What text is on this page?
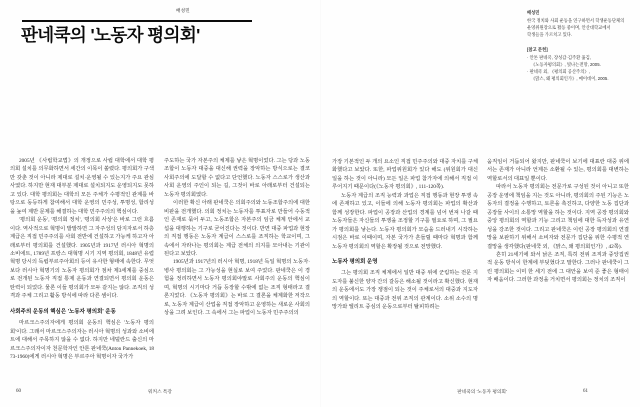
배성민
판네쿡의 '노동자 평의회'

2005년 《사립학교법》의 개정으로 사립 대학에서 대학 평의회 설치를 의무화하면서 세간의 이목이 쏠렸다. 평의회가 구색만 갖춘 것이 아니라 제대로 설치·운영될 수 있는지가 주요 관심사였다. 하지만 현재 대부분 제대로 설치되지도 운영되지도 못하고 있다. 대학 평의회는 대학의 모든 주체가 수평적인 관계를 바탕으로 동등하게 참여해서 대학 운영의 민주성, 투명성, 합리성을 높여 제반 문제를 해결하는 대학 민주주의의 핵심이다.

'평의회 운동', '평의회 정치', '평의회 사상'은 바로 그런 흐름이다. 역사적으로 혁명이 발발하면 그 자주성의 담지자로서 하층 계급은 직접 민주주의를 사회 전반에 건설하고 가능케 하고자 아래로부터 평의회를 건설했다. 1905년과 1917년 러시아 혁명의 소비에트, 1789년 프랑스 대혁명 시기 지역 평의회, 1848년 유럽 혁명 당시의 독립부르주아회의 등이 유사한 형태에 속한다. 무엇보다 러시아 혁명기의 노동자 평의회가 점차 제3세계를 중심으로 전개된 노동자 직접 통제 운동과 연결되면서 평의회 운동은 탄력이 되었다. 물론 이들 평의회가 모두 같지는 않다. 조직의 성격과 주체 그리고 활동 방식에 따라 다른 셈이다.

사회주의 운동의 핵심은 '노동자 평의회' 운동

마르크스주의자에게 평의회 운동의 핵심은 '노동자 평의회'이다. 그래서 마르크스주의자는 러시아 혁명의 성과와 소비에트에 대해서 주목하지 않을 수 없다. 하지만 네덜란드 출신의 마르크스주의자이자 천문학자인 안톤 판네쿡(Anton Pannekoek, 1873-1960)에게 러시아 혁명은 부르주아 혁명이자 국가가

주도하는 국가 자본주의 체제를 낳은 혁명이었다. 그는 당과 노동조합이 노동자 대중을 대신해 권력을 장악하는 방식으로는 결코 사회주의에 도달할 수 없다고 단언했다. 노동자 스스로가 생산과 사회 운영의 주인이 되는 길, 그것이 바로 아래로부터 건설되는 노동자 평의회였다.

이러한 확신 아래 판네쿡은 의회주의와 노동조합주의에 대한 비판을 전개했다. 의회 정치는 노동자를 투표자로 만들어 수동적인 존재로 묶어 두고, 노동조합은 자본주의 임금 체계 안에서 교섭을 대행하는 기구로 굳어진다는 것이다. 반면 대중 파업과 현장의 직접 행동은 노동자 계급이 스스로를 조직하는 학교이며, 그 속에서 자라나는 평의회는 계급 전체의 의지를 모아내는 기관이 된다고 보았다.

1905년과 1917년의 러시아 혁명, 1918년 독일 혁명의 노동자·병사 평의회는 그 가능성을 현실로 보여 주었다. 판네쿡은 이 경험을 정리하면서 노동자 평의회야말로 사회주의 운동의 핵심이며, 혁명의 시기마다 거듭 등장할 수밖에 없는 조직 형태라고 결론지었다. 《노동자 평의회》는 바로 그 결론을 체계화한 저작으로, 노동자 계급이 산업을 직접 장악하고 운영하는 새로운 사회의 상을 그려 보인다. 그 속에서 그는 파업이 노동자 민주주의의

60	워커스 특강
배성민
한국 정치와 사회 운동을 연구하면서 학생운동단체의
운영위원장으로 활동 중이며, 안산대학교에서
학생들을 가르치고 있다.
[참고 문헌]
· 안톤 판네쿡, 장성갑·김주환 옮김,
《노동자평의회》, 빛나는전망, 2005.
· 판네쿡 외, 《평의회 공산주의》,
《맑스, 왜 평의회인가》, 메이데이, 2005.

가장 기본적인 두 개의 요소인 직접 민주주의와 대중 자치를 구체화했다고 보았다. 또한, 파업위원회가 있다 해도 (위원회가 대신 일을 하는 것이 아니라) 모든 일은 파업 참가자에 의해서 직접 이루어지기 때문이다(《노동자 평의회》, 111-120쪽).

노동자 계급의 조직 능력과 과업은 직접 행동과 현장 투쟁 속에 존재하고 있고, 이들에 의해 노동자 평의회는 파업의 확산과 함께 성장한다. 파업이 공장과 산업의 경계를 넘어 번져 나갈 때 노동자들은 자신들의 투쟁을 조정할 기구를 필요로 하며, 그 필요가 평의회를 낳는다. 노동자 평의회가 모습을 드러내기 시작하는 시점은 바로 이때이며, 자본 국가가 흔들릴 때마다 혁명과 함께 노동자 평의회의 역할은 확장될 것으로 전망했다.

노동자 평의회 운영

그는 평의회 조직 체계에서 일반 대중 위에 군림하는 전문 지도자를 불신한 양자 간의 갈등은 해소될 것이라고 확신했다. 현재의 운동에서도 가장 쟁점이 되는 것이 주체로서의 대중과 지도자의 역할이다. 또는 대중과 전위 조직의 관계이다. 소위 소수의 명망가와 엘리트 중심의 운동으로부터 탈피하려는

움직임이 거듭되어 왔지만, 판네쿡이 보기에 대표란 대중 위에 서는 존재가 아니라 언제든 소환될 수 있는, 평의회를 대변하는 역할로서의 대표일 뿐이다.

따라서 노동자 평의회는 전문가로 구성된 것이 아니고 또한 공장 운영에 책임을 지는 것도 아니라, 평의회의 주된 기능은 노동자의 결정을 수행하고, 토론을 촉진하고, 다양한 노동 집단과 공장들 사이의 소통망 역할을 하는 것이다. 지역 공장 평의회와 중앙 평의회의 역할과 기능 그리고 책임에 대한 독자성과 유연성을 강조한 것이다. 그리고 판네쿡은 이런 공장 평의회의 연결망을 보완하기 위해서 소비자와 전문가 집단을 위한 수평적 연결망을 생각했다(판네쿡 외, 《맑스, 왜 평의회인가》, 42쪽).

흔히 21세기에 와서 낡은 조직, 특히 전위 조직과 중앙집권적 운동 방식이 한계에 부딪혔다고 말한다. 그러나 판네쿡이 그린 평의회는 이미 한 세기 전에 그 대안을 보여 준 좋은 형태이자 배움이다. 그러한 과정을 거치면서 평의회는 정치의 조직이

판네쿡의 '노동자 평의회'	61
